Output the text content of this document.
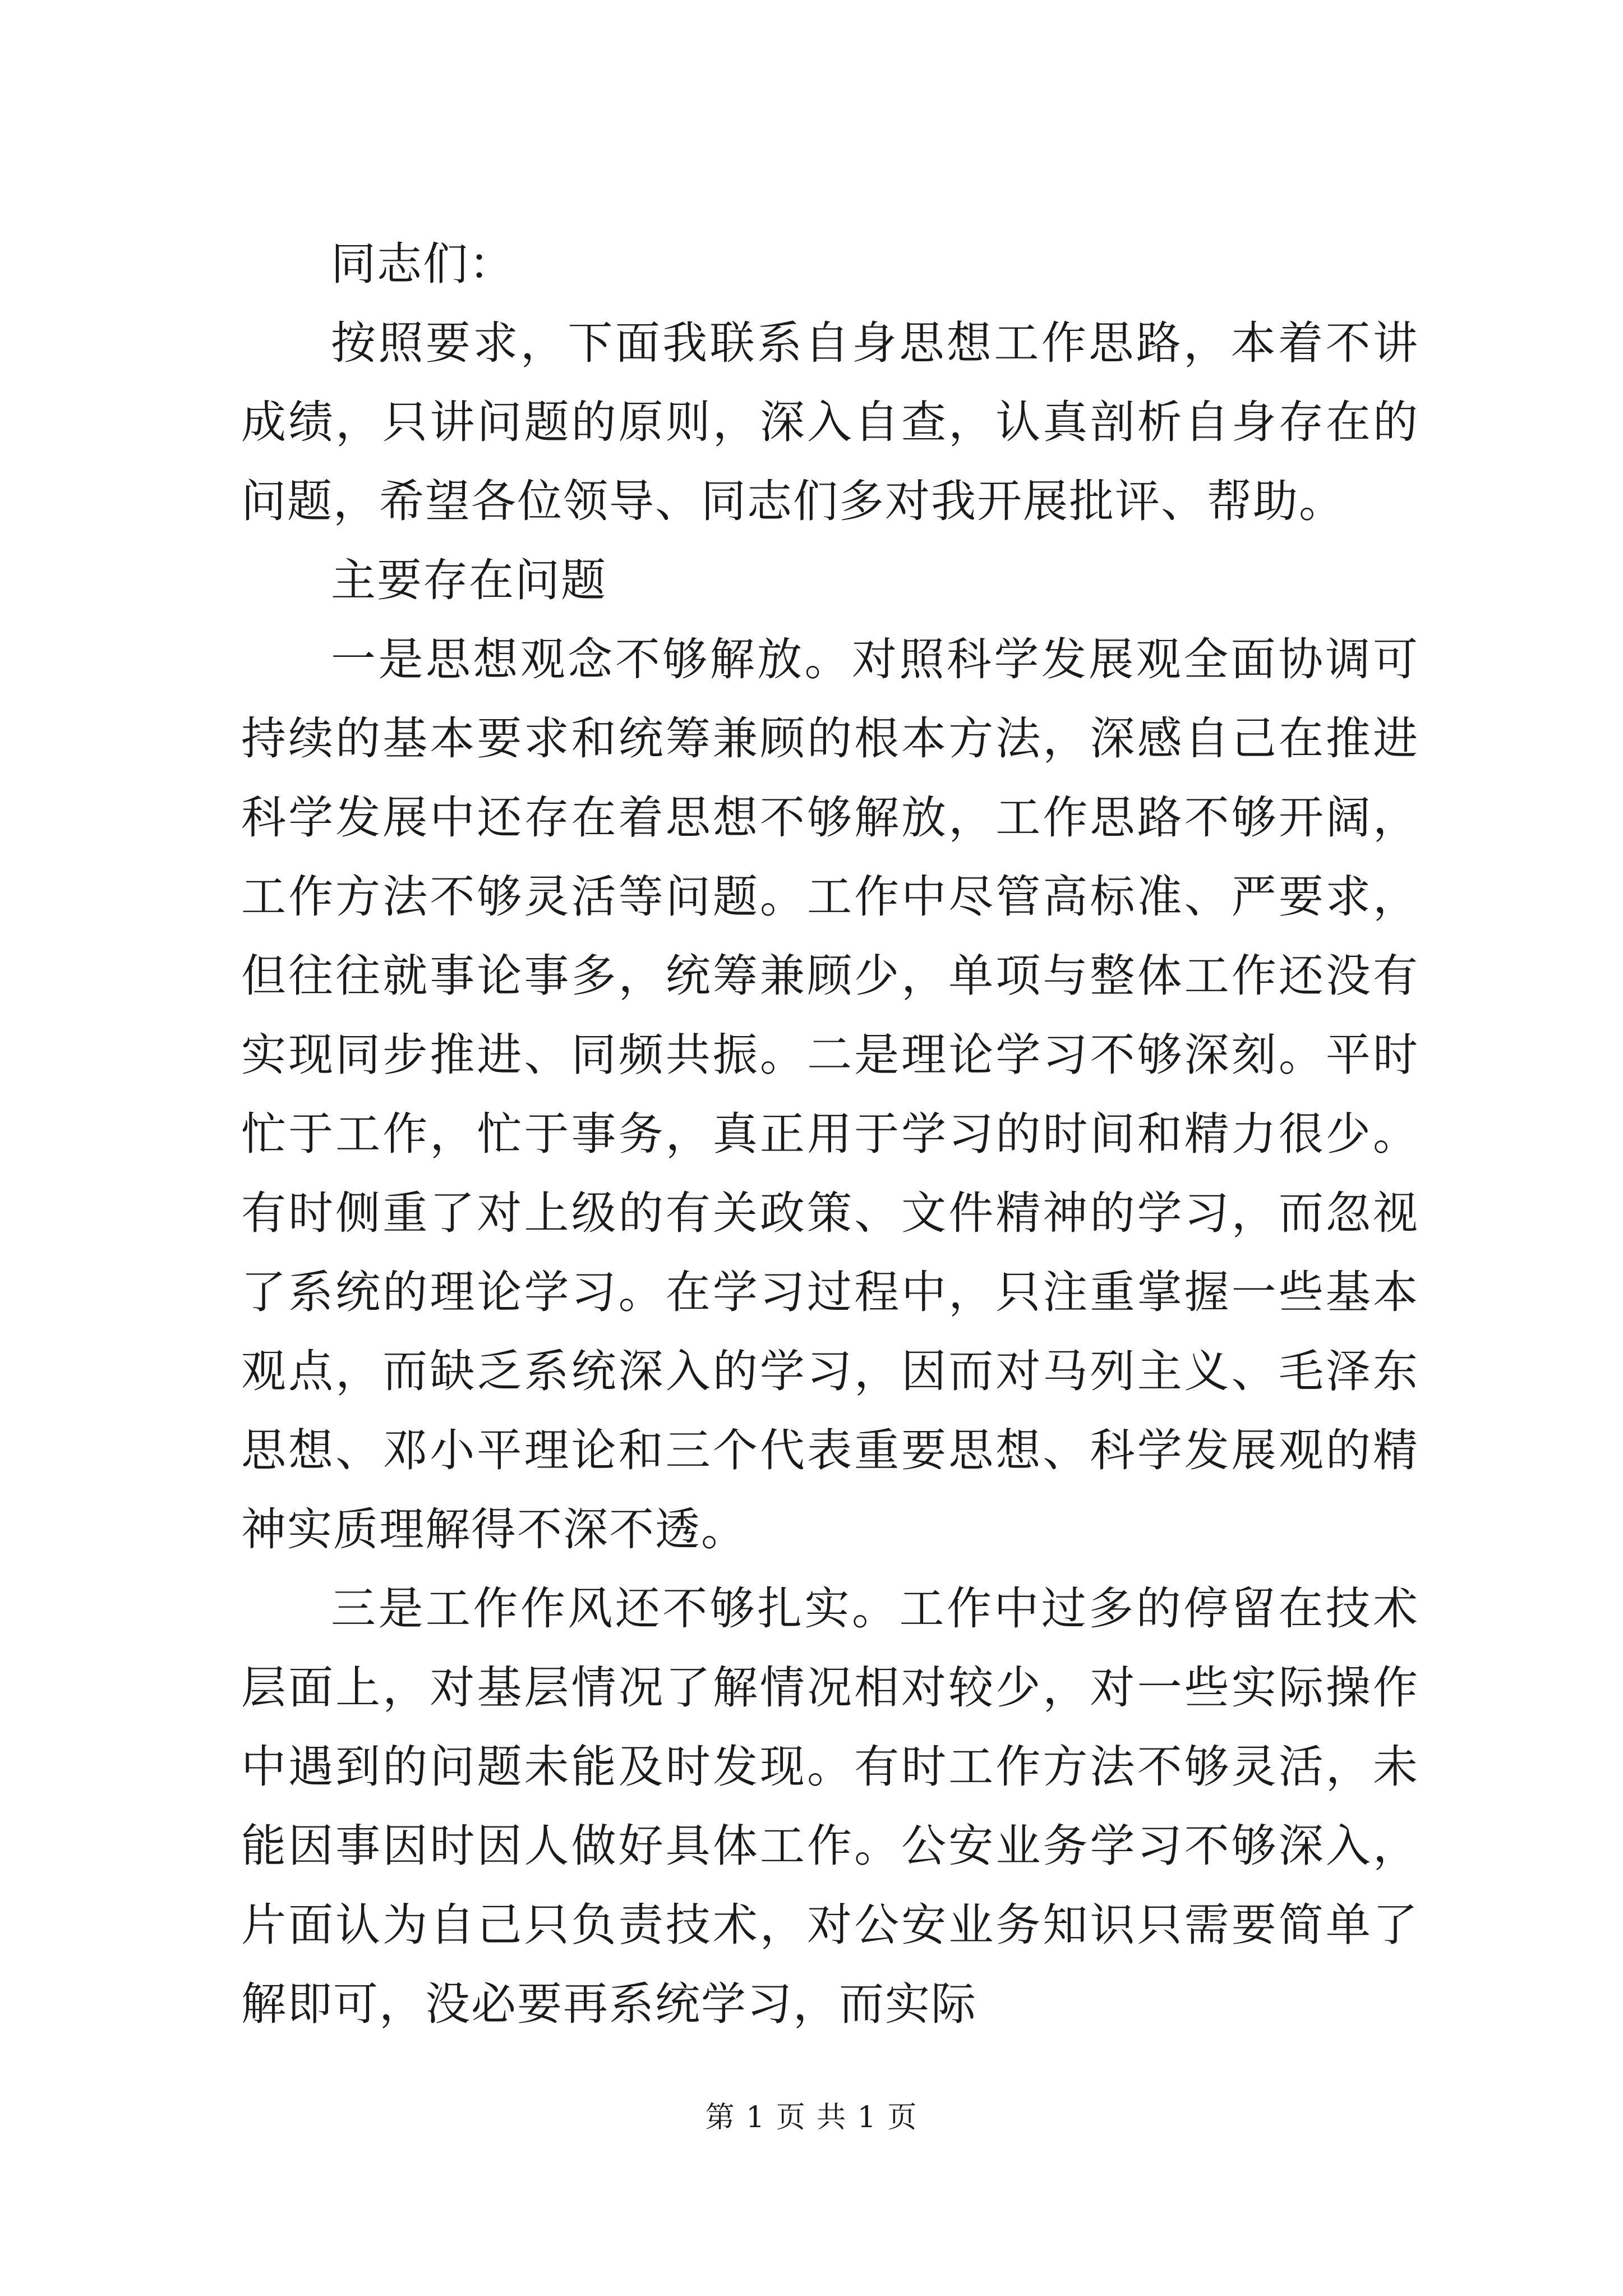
同志们：

按照要求，下面我联系自身思想工作思路，本着不讲成绩，只讲问题的原则，深入自查，认真剖析自身存在的问题，希望各位领导、同志们多对我开展批评、帮助。

主要存在问题

一是思想观念不够解放。对照科学发展观全面协调可持续的基本要求和统筹兼顾的根本方法，深感自己在推进科学发展中还存在着思想不够解放，工作思路不够开阔，工作方法不够灵活等问题。工作中尽管高标准、严要求，但往往就事论事多，统筹兼顾少，单项与整体工作还没有实现同步推进、同频共振。二是理论学习不够深刻。平时忙于工作，忙于事务，真正用于学习的时间和精力很少。有时侧重了对上级的有关政策、文件精神的学习，而忽视了系统的理论学习。在学习过程中，只注重掌握一些基本观点，而缺乏系统深入的学习，因而对马列主义、毛泽东思想、邓小平理论和三个代表重要思想、科学发展观的精神实质理解得不深不透。

三是工作作风还不够扎实。工作中过多的停留在技术层面上，对基层情况了解情况相对较少，对一些实际操作中遇到的问题未能及时发现。有时工作方法不够灵活，未能因事因时因人做好具体工作。公安业务学习不够深入，片面认为自己只负责技术，对公安业务知识只需要简单了解即可，没必要再系统学习，而实际

第 1 页 共 1 页
